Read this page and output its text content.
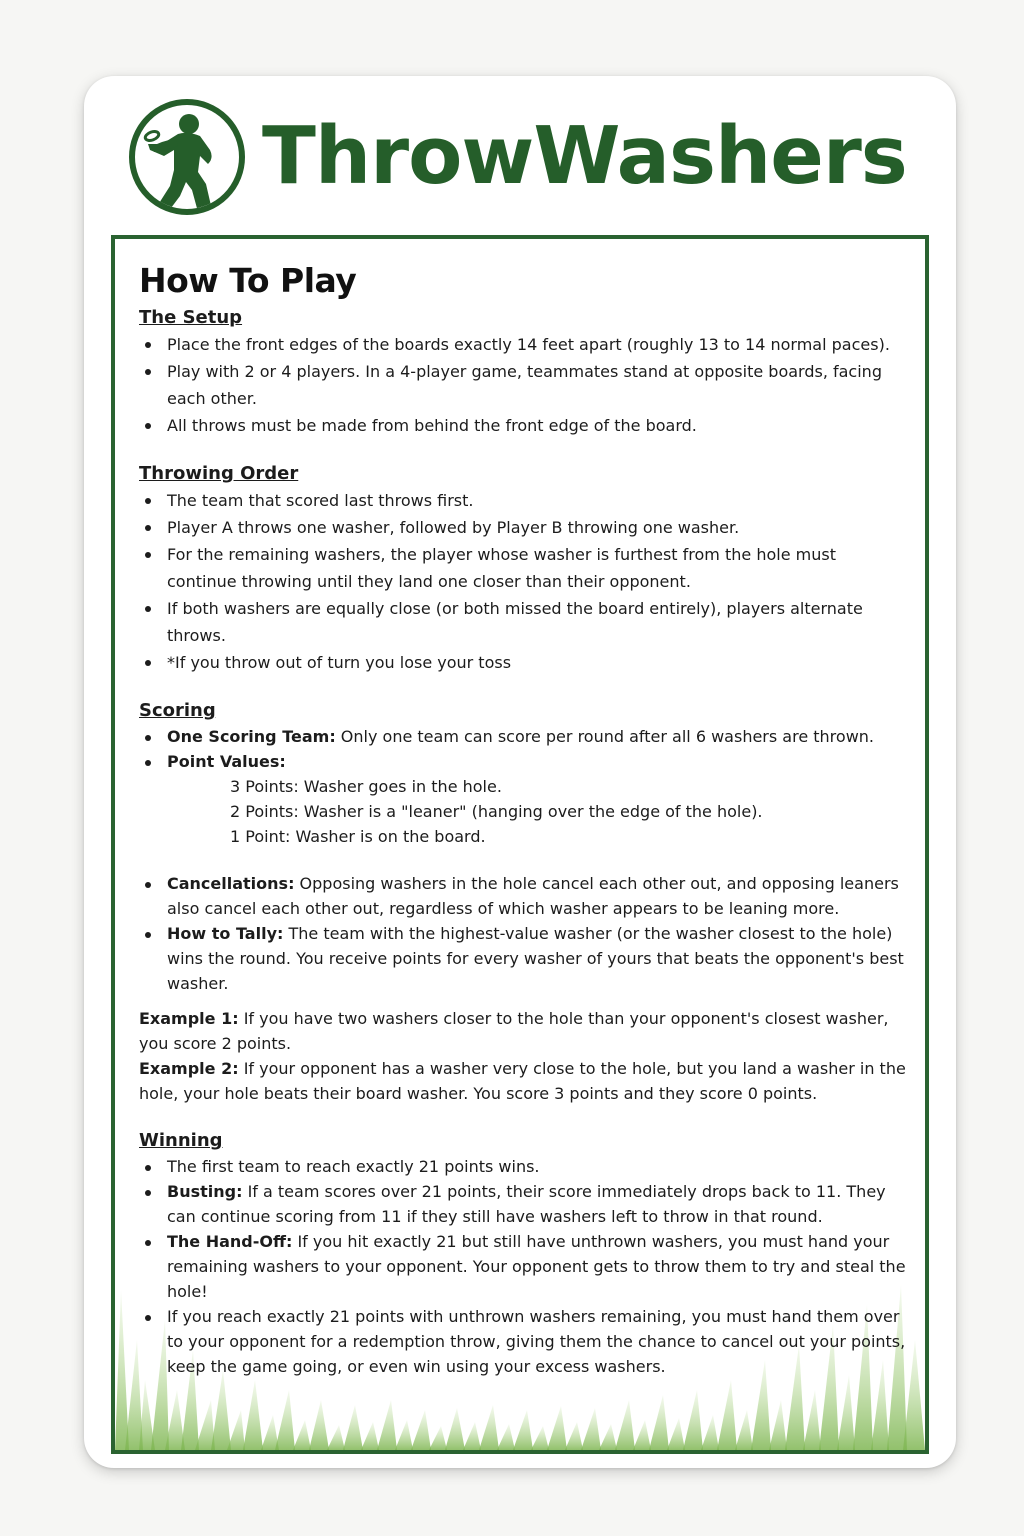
ThrowWashers
How To Play
The Setup
Place the front edges of the boards exactly 14 feet apart (roughly 13 to 14 normal paces).
Play with 2 or 4 players. In a 4-player game, teammates stand at opposite boards, facing each other.
All throws must be made from behind the front edge of the board.
Throwing Order
The team that scored last throws first.
Player A throws one washer, followed by Player B throwing one washer.
For the remaining washers, the player whose washer is furthest from the hole must continue throwing until they land one closer than their opponent.
If both washers are equally close (or both missed the board entirely), players alternate throws.
*If you throw out of turn you lose your toss
Scoring
One Scoring Team: Only one team can score per round after all 6 washers are thrown.
Point Values:
3 Points: Washer goes in the hole.
2 Points: Washer is a "leaner" (hanging over the edge of the hole).
1 Point: Washer is on the board.
Cancellations: Opposing washers in the hole cancel each other out, and opposing leaners also cancel each other out, regardless of which washer appears to be leaning more.
How to Tally: The team with the highest-value washer (or the washer closest to the hole) wins the round. You receive points for every washer of yours that beats the opponent's best washer.
Example 1: If you have two washers closer to the hole than your opponent's closest washer, you score 2 points.
Example 2: If your opponent has a washer very close to the hole, but you land a washer in the hole, your hole beats their board washer. You score 3 points and they score 0 points.
Winning
The first team to reach exactly 21 points wins.
Busting: If a team scores over 21 points, their score immediately drops back to 11. They can continue scoring from 11 if they still have washers left to throw in that round.
The Hand-Off: If you hit exactly 21 but still have unthrown washers, you must hand your remaining washers to your opponent. Your opponent gets to throw them to try and steal the hole!
If you reach exactly 21 points with unthrown washers remaining, you must hand them over to your opponent for a redemption throw, giving them the chance to cancel out your points, keep the game going, or even win using your excess washers.
